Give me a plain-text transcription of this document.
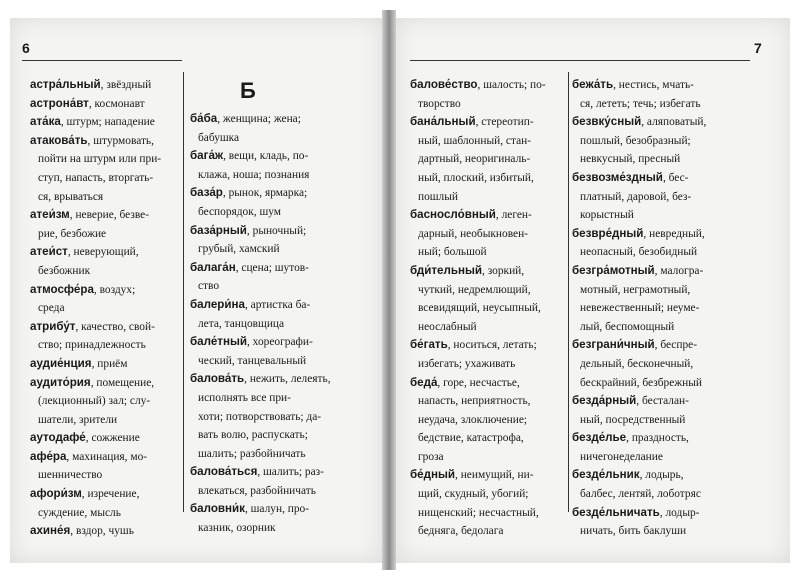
6	7
Б
астра́льный, звёздный
астрона́вт, космонавт
ата́ка, штурм; нападение
атакова́ть, штурмовать,
пойти на штурм или при-
ступ, напасть, вторгать-
ся, врываться
атеи́зм, неверие, безве-
рие, безбожие
атеи́ст, неверующий,
безбожник
атмосфе́ра, воздух;
среда
атрибу́т, качество, свой-
ство; принадлежность
аудие́нция, приём
аудито́рия, помещение,
(лекционный) зал; слу-
шатели, зрители
аутодафе́, сожжение
афе́ра, махинация, мо-
шенничество
афори́зм, изречение,
суждение, мысль
ахине́я, вздор, чушь
ба́ба, женщина; жена;
бабушка
бага́ж, вещи, кладь, по-
клажа, ноша; познания
база́р, рынок, ярмарка;
беспорядок, шум
база́рный, рыночный;
грубый, хамский
балага́н, сцена; шутов-
ство
балери́на, артистка ба-
лета, танцовщица
бале́тный, хореографи-
ческий, танцевальный
балова́ть, нежить, лелеять,
исполнять все при-
хоти; потворствовать; да-
вать волю, распускать;
шалить; разбойничать
балова́ться, шалить; раз-
влекаться, разбойничать
баловни́к, шалун, про-
казник, озорник
балове́ство, шалость; по-
творство
бана́льный, стереотип-
ный, шаблонный, стан-
дартный, неоригиналь-
ный, плоский, избитый,
пошлый
басносло́вный, леген-
дарный, необыкновен-
ный; большой
бди́тельный, зоркий,
чуткий, недремлющий,
всевидящий, неусыпный,
неослабный
бе́гать, носиться, летать;
избегать; ухаживать
беда́, горе, несчастье,
напасть, неприятность,
неудача, злоключение;
бедствие, катастрофа,
гроза
бе́дный, неимущий, ни-
щий, скудный, убогий;
нищенский; несчастный,
бедняга, бедолага
бежа́ть, нестись, мчать-
ся, лететь; течь; избегать
безвку́сный, аляповатый,
пошлый, безобразный;
невкусный, пресный
безвозме́здный, бес-
платный, даровой, без-
корыстный
безвре́дный, невредный,
неопасный, безобидный
безгра́мотный, малогра-
мотный, неграмотный,
невежественный; неуме-
лый, беспомощный
безграни́чный, беспре-
дельный, бесконечный,
бескрайний, безбрежный
безда́рный, бесталан-
ный, посредственный
безде́лье, праздность,
ничегонеделание
безде́льник, лодырь,
балбес, лентяй, лоботряс
безде́льничать, лодыр-
ничать, бить баклуши
